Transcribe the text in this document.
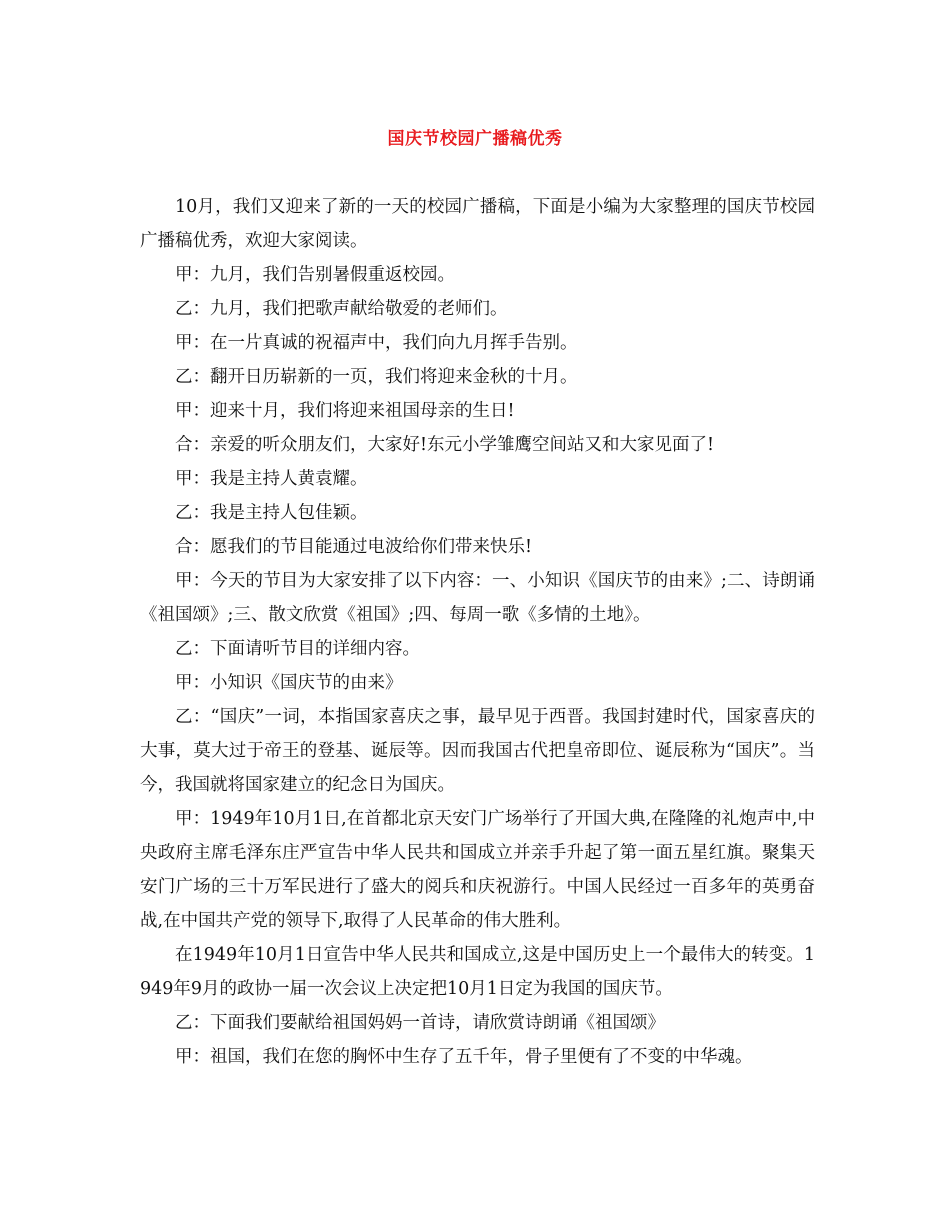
国庆节校园广播稿优秀

10月，我们又迎来了新的一天的校园广播稿，下面是小编为大家整理的国庆节校园广播稿优秀，欢迎大家阅读。

甲：九月，我们告别暑假重返校园。

乙：九月，我们把歌声献给敬爱的老师们。

甲：在一片真诚的祝福声中，我们向九月挥手告别。

乙：翻开日历崭新的一页，我们将迎来金秋的十月。

甲：迎来十月，我们将迎来祖国母亲的生日!

合：亲爱的听众朋友们，大家好!东元小学雏鹰空间站又和大家见面了!

甲：我是主持人黄袁耀。

乙：我是主持人包佳颖。

合：愿我们的节目能通过电波给你们带来快乐!

甲：今天的节目为大家安排了以下内容：一、小知识《国庆节的由来》;二、诗朗诵《祖国颂》;三、散文欣赏《祖国》;四、每周一歌《多情的土地》。

乙：下面请听节目的详细内容。

甲：小知识《国庆节的由来》

乙：“国庆”一词，本指国家喜庆之事，最早见于西晋。我国封建时代，国家喜庆的大事，莫大过于帝王的登基、诞辰等。因而我国古代把皇帝即位、诞辰称为“国庆”。当今，我国就将国家建立的纪念日为国庆。

甲：1949年10月1日,在首都北京天安门广场举行了开国大典,在隆隆的礼炮声中,中央政府主席毛泽东庄严宣告中华人民共和国成立并亲手升起了第一面五星红旗。聚集天安门广场的三十万军民进行了盛大的阅兵和庆祝游行。中国人民经过一百多年的英勇奋战,在中国共产党的领导下,取得了人民革命的伟大胜利。

在1949年10月1日宣告中华人民共和国成立,这是中国历史上一个最伟大的转变。1949年9月的政协一届一次会议上决定把10月1日定为我国的国庆节。

乙：下面我们要献给祖国妈妈一首诗，请欣赏诗朗诵《祖国颂》

甲：祖国，我们在您的胸怀中生存了五千年，骨子里便有了不变的中华魂。
